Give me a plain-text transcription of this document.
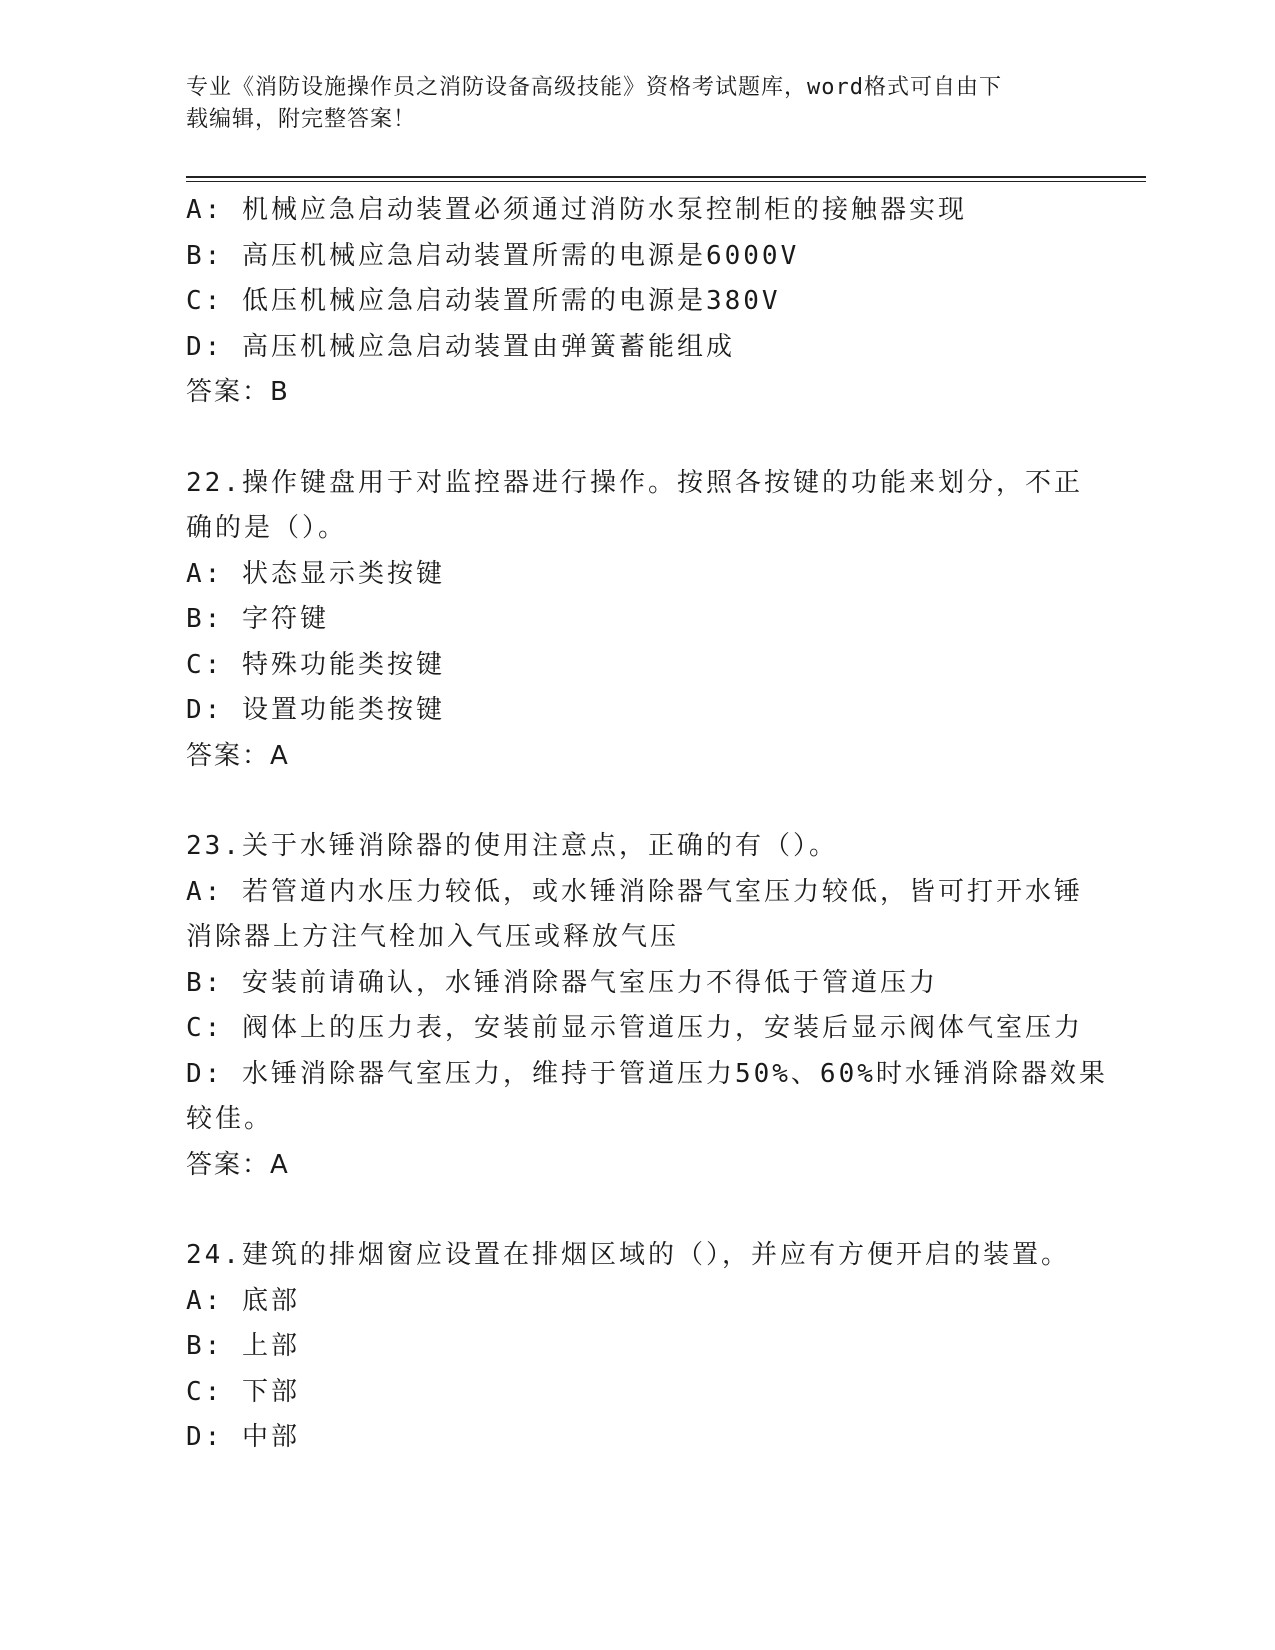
专业《消防设施操作员之消防设备高级技能》资格考试题库，word格式可自由下
载编辑，附完整答案！
A: 机械应急启动装置必须通过消防水泵控制柜的接触器实现
B: 高压机械应急启动装置所需的电源是6000V
C: 低压机械应急启动装置所需的电源是380V
D: 高压机械应急启动装置由弹簧蓄能组成
答案：B
22.操作键盘用于对监控器进行操作。按照各按键的功能来划分，不正
确的是（）。
A: 状态显示类按键
B: 字符键
C: 特殊功能类按键
D: 设置功能类按键
答案：A
23.关于水锤消除器的使用注意点，正确的有（）。
A: 若管道内水压力较低，或水锤消除器气室压力较低，皆可打开水锤
消除器上方注气栓加入气压或释放气压
B: 安装前请确认，水锤消除器气室压力不得低于管道压力
C: 阀体上的压力表，安装前显示管道压力，安装后显示阀体气室压力
D: 水锤消除器气室压力，维持于管道压力50%、60%时水锤消除器效果
较佳。
答案：A
24.建筑的排烟窗应设置在排烟区域的（），并应有方便开启的装置。
A: 底部
B: 上部
C: 下部
D: 中部
